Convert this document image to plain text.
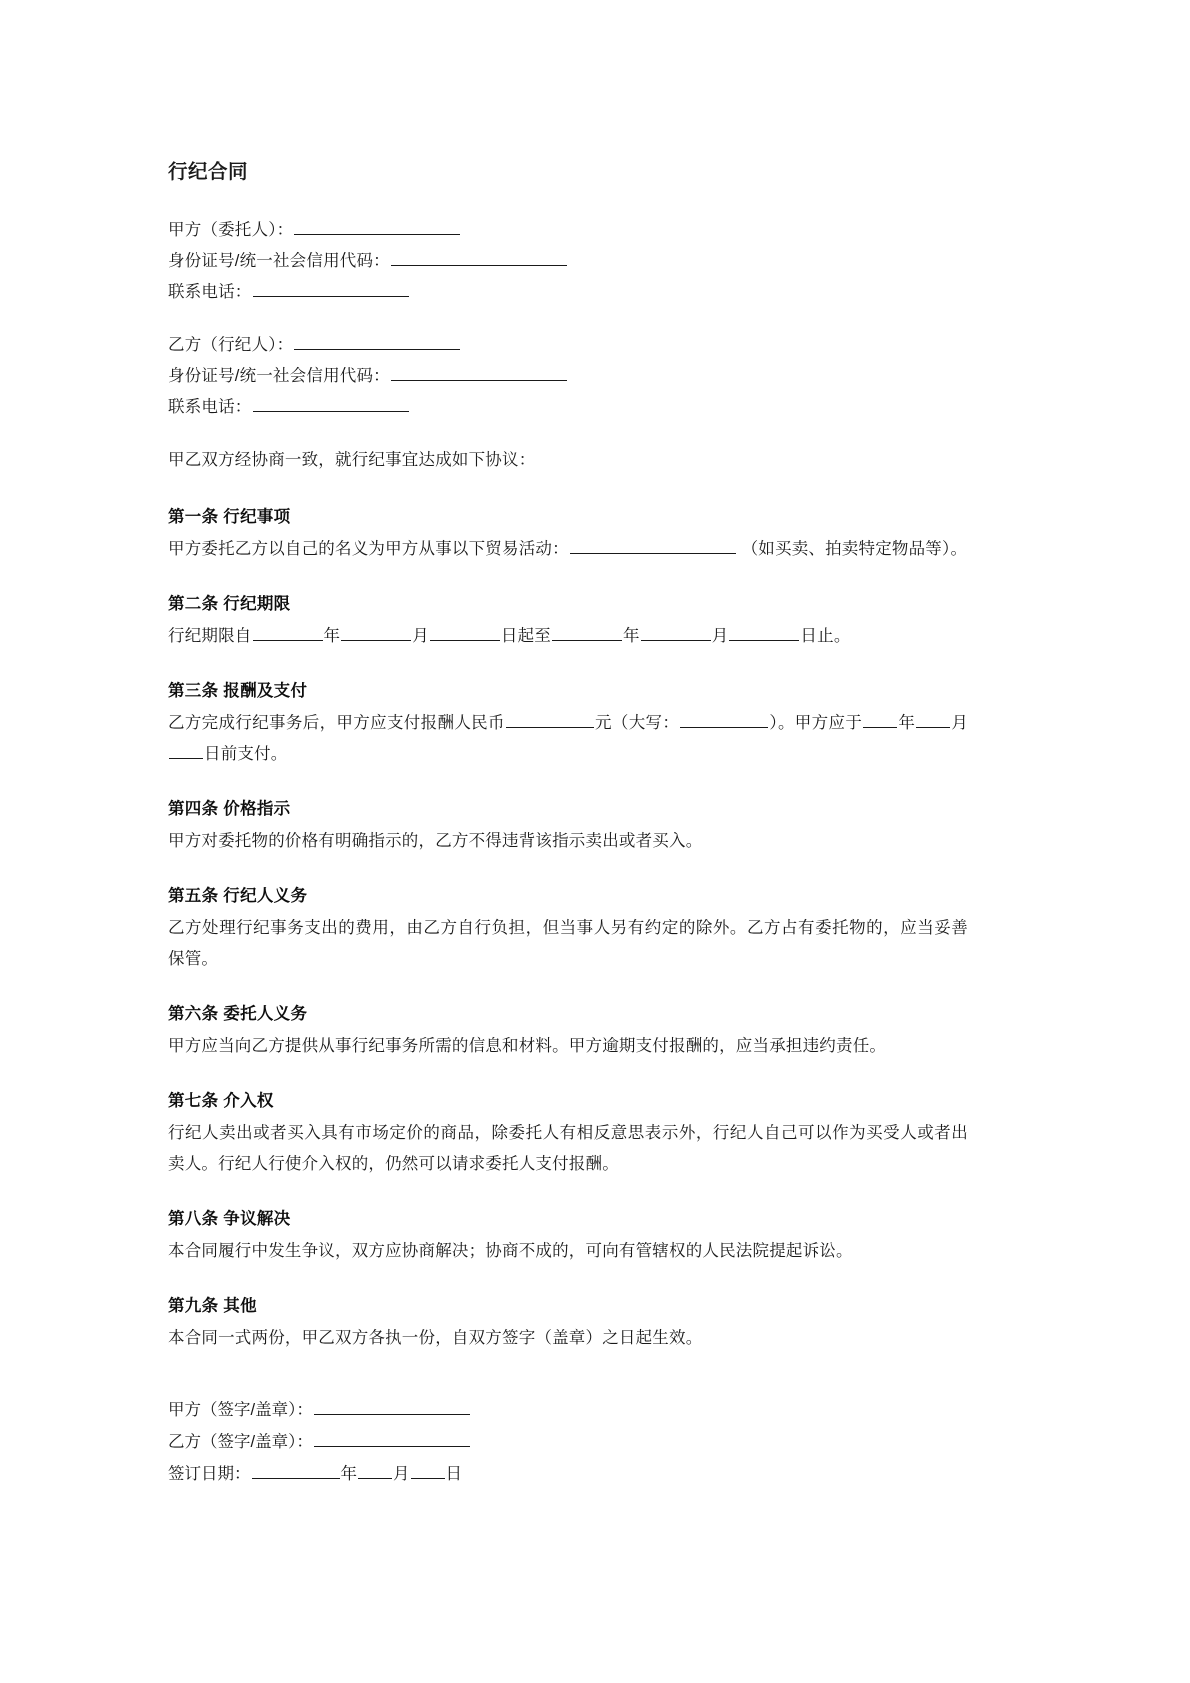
行纪合同
甲方（委托人）：
身份证号/统一社会信用代码：
联系电话：
乙方（行纪人）：
身份证号/统一社会信用代码：
联系电话：

甲乙双方经协商一致，就行纪事宜达成如下协议：

第一条 行纪事项

甲方委托乙方以自己的名义为甲方从事以下贸易活动：	（如买卖、拍卖特定物品等）。

第二条 行纪期限

行纪期限自	年	月	日起至	年	月	日止。

第三条 报酬及支付

乙方完成行纪事务后，甲方应支付报酬人民币	元（大写：	）。甲方应于 年 月日前支付。

第四条 价格指示

甲方对委托物的价格有明确指示的，乙方不得违背该指示卖出或者买入。

第五条 行纪人义务

乙方处理行纪事务支出的费用，由乙方自行负担，但当事人另有约定的除外。乙方占有委托物的，应当妥善保管。

第六条 委托人义务

甲方应当向乙方提供从事行纪事务所需的信息和材料。甲方逾期支付报酬的，应当承担违约责任。

第七条 介入权

行纪人卖出或者买入具有市场定价的商品，除委托人有相反意思表示外，行纪人自己可以作为买受人或者出卖人。行纪人行使介入权的，仍然可以请求委托人支付报酬。

第八条 争议解决

本合同履行中发生争议，双方应协商解决；协商不成的，可向有管辖权的人民法院提起诉讼。

第九条 其他

本合同一式两份，甲乙双方各执一份，自双方签字（盖章）之日起生效。

甲方（签字/盖章）：
乙方（签字/盖章）：
签订日期：	年 月 日
